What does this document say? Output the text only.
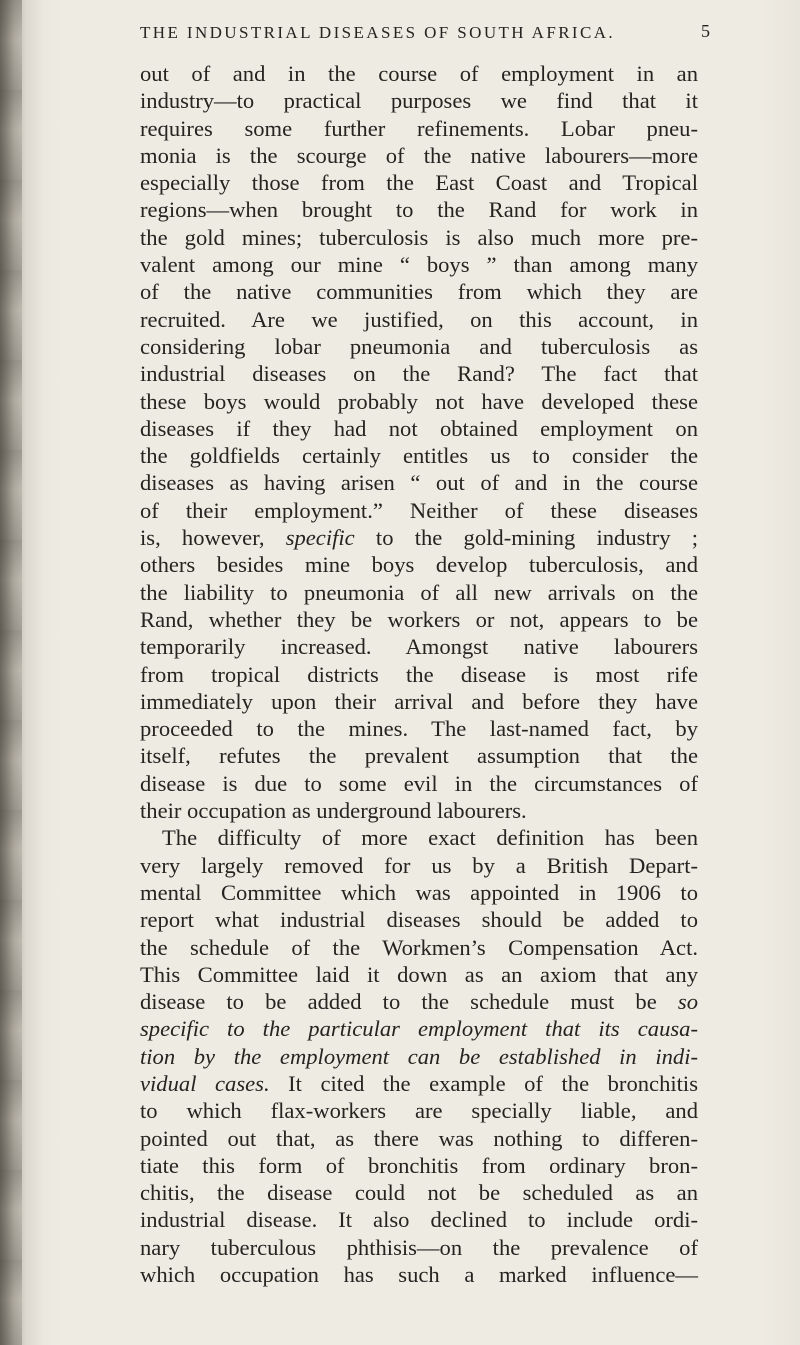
THE INDUSTRIAL DISEASES OF SOUTH AFRICA.	5
out of and in the course of employment in an
industry—to practical purposes we find that it
requires some further refinements. Lobar pneu-
monia is the scourge of the native labourers—more
especially those from the East Coast and Tropical
regions—when brought to the Rand for work in
the gold mines; tuberculosis is also much more pre-
valent among our mine “ boys ” than among many
of the native communities from which they are
recruited. Are we justified, on this account, in
considering lobar pneumonia and tuberculosis as
industrial diseases on the Rand? The fact that
these boys would probably not have developed these
diseases if they had not obtained employment on
the goldfields certainly entitles us to consider the
diseases as having arisen “ out of and in the course
of their employment.” Neither of these diseases
is, however, specific to the gold-mining industry ;
others besides mine boys develop tuberculosis, and
the liability to pneumonia of all new arrivals on the
Rand, whether they be workers or not, appears to be
temporarily increased. Amongst native labourers
from tropical districts the disease is most rife
immediately upon their arrival and before they have
proceeded to the mines. The last-named fact, by
itself, refutes the prevalent assumption that the
disease is due to some evil in the circumstances of
their occupation as underground labourers.
The difficulty of more exact definition has been
very largely removed for us by a British Depart-
mental Committee which was appointed in 1906 to
report what industrial diseases should be added to
the schedule of the Workmen’s Compensation Act.
This Committee laid it down as an axiom that any
disease to be added to the schedule must be so
specific to the particular employment that its causa-
tion by the employment can be established in indi-
vidual cases. It cited the example of the bronchitis
to which flax-workers are specially liable, and
pointed out that, as there was nothing to differen-
tiate this form of bronchitis from ordinary bron-
chitis, the disease could not be scheduled as an
industrial disease. It also declined to include ordi-
nary tuberculous phthisis—on the prevalence of
which occupation has such a marked influence—
